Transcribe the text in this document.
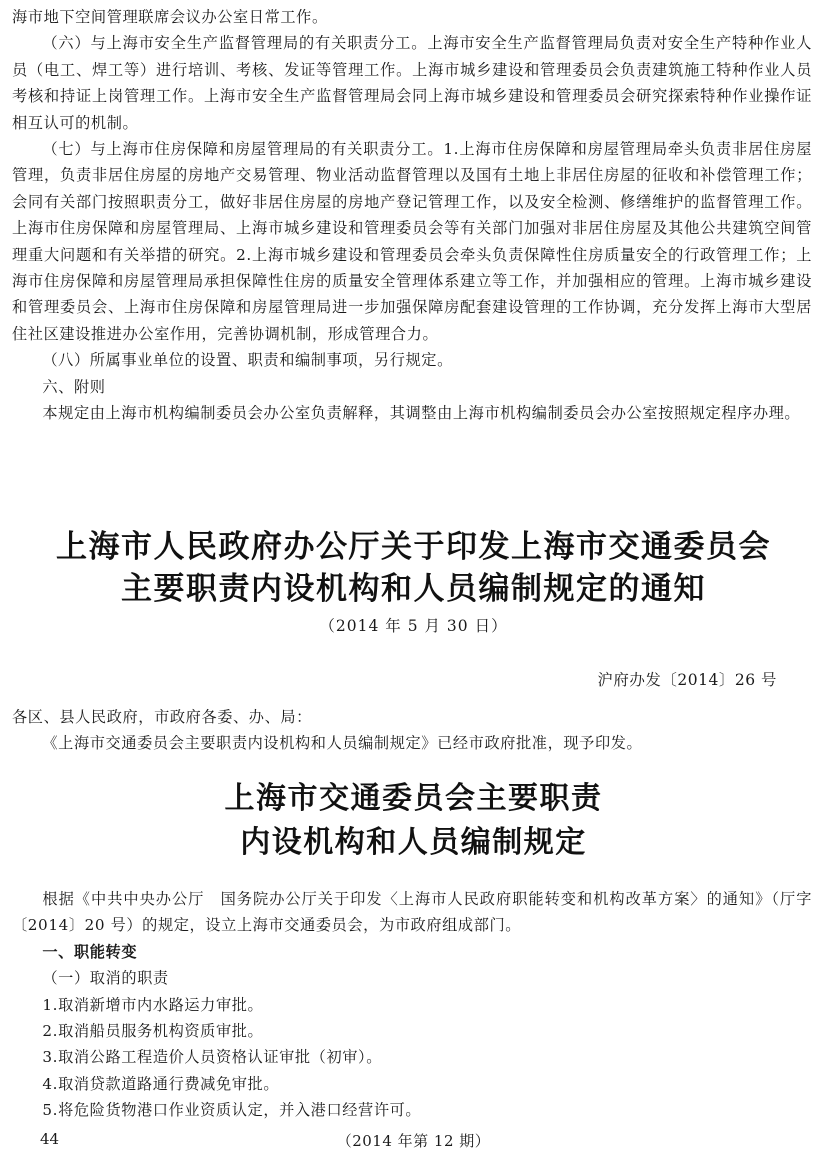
海市地下空间管理联席会议办公室日常工作。

（六）与上海市安全生产监督管理局的有关职责分工。上海市安全生产监督管理局负责对安全生产特种作业人员（电工、焊工等）进行培训、考核、发证等管理工作。上海市城乡建设和管理委员会负责建筑施工特种作业人员考核和持证上岗管理工作。上海市安全生产监督管理局会同上海市城乡建设和管理委员会研究探索特种作业操作证相互认可的机制。

（七）与上海市住房保障和房屋管理局的有关职责分工。1.上海市住房保障和房屋管理局牵头负责非居住房屋管理，负责非居住房屋的房地产交易管理、物业活动监督管理以及国有土地上非居住房屋的征收和补偿管理工作；会同有关部门按照职责分工，做好非居住房屋的房地产登记管理工作，以及安全检测、修缮维护的监督管理工作。上海市住房保障和房屋管理局、上海市城乡建设和管理委员会等有关部门加强对非居住房屋及其他公共建筑空间管理重大问题和有关举措的研究。2.上海市城乡建设和管理委员会牵头负责保障性住房质量安全的行政管理工作；上海市住房保障和房屋管理局承担保障性住房的质量安全管理体系建立等工作，并加强相应的管理。上海市城乡建设和管理委员会、上海市住房保障和房屋管理局进一步加强保障房配套建设管理的工作协调，充分发挥上海市大型居住社区建设推进办公室作用，完善协调机制，形成管理合力。

（八）所属事业单位的设置、职责和编制事项，另行规定。

六、附则

本规定由上海市机构编制委员会办公室负责解释，其调整由上海市机构编制委员会办公室按照规定程序办理。

上海市人民政府办公厅关于印发上海市交通委员会
主要职责内设机构和人员编制规定的通知
（2014 年 5 月 30 日）
沪府办发〔2014〕26 号

各区、县人民政府，市政府各委、办、局：

《上海市交通委员会主要职责内设机构和人员编制规定》已经市政府批准，现予印发。

上海市交通委员会主要职责
内设机构和人员编制规定

根据《中共中央办公厅　国务院办公厅关于印发〈上海市人民政府职能转变和机构改革方案〉的通知》（厅字〔2014〕20 号）的规定，设立上海市交通委员会，为市政府组成部门。

一、职能转变

（一）取消的职责

1.取消新增市内水路运力审批。

2.取消船员服务机构资质审批。

3.取消公路工程造价人员资格认证审批（初审）。

4.取消贷款道路通行费减免审批。

5.将危险货物港口作业资质认定，并入港口经营许可。

44	（2014 年第 12 期）
